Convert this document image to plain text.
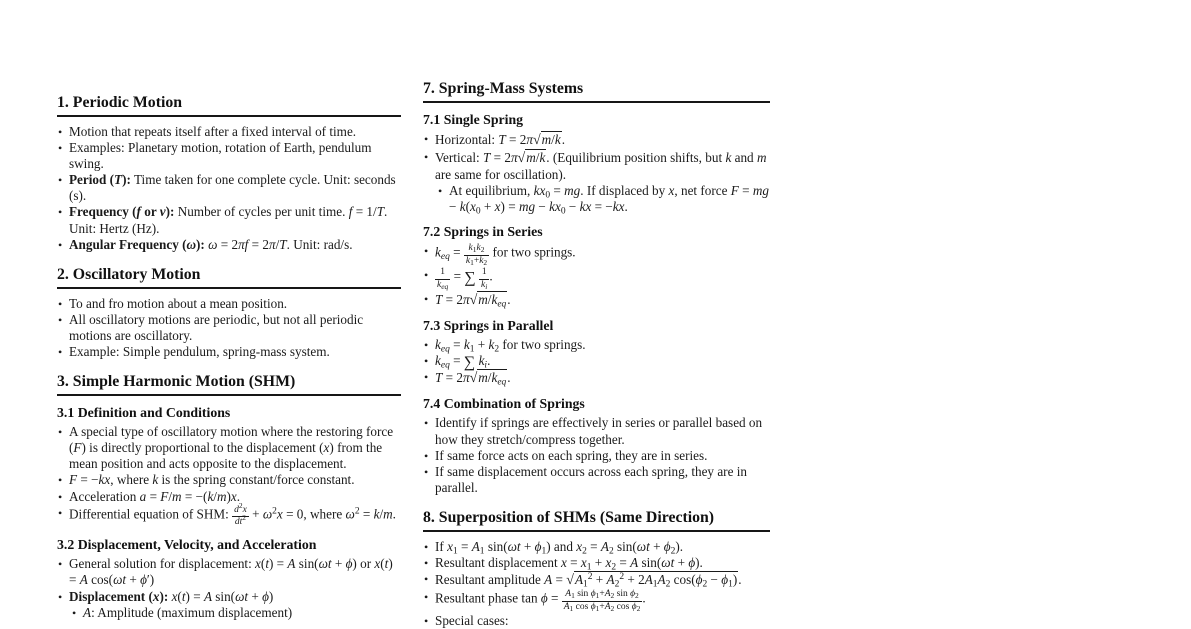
1. Periodic Motion
• Motion that repeats itself after a fixed interval of time.
• Examples: Planetary motion, rotation of Earth, pendulum swing.
• Period (T): Time taken for one complete cycle. Unit: seconds (s).
• Frequency (f or ν): Number of cycles per unit time. f = 1/T. Unit: Hertz (Hz).
• Angular Frequency (ω): ω = 2πf = 2π/T. Unit: rad/s.
2. Oscillatory Motion
• To and fro motion about a mean position.
• All oscillatory motions are periodic, but not all periodic motions are oscillatory.
• Example: Simple pendulum, spring-mass system.
3. Simple Harmonic Motion (SHM)
3.1 Definition and Conditions
• A special type of oscillatory motion where the restoring force (F) is directly proportional to the displacement (x) from the mean position and acts opposite to the displacement.
• F = −kx, where k is the spring constant/force constant.
• Acceleration a = F/m = −(k/m)x.
• Differential equation of SHM: $\frac{d^2x}{dt^2} + \omega^2x = 0$, where $\omega^2 = k/m$.
3.2 Displacement, Velocity, and Acceleration
• General solution for displacement: x(t) = A sin(ωt + ϕ) or x(t) = A cos(ωt + ϕ′)
• Displacement (x): x(t) = A sin(ωt + ϕ)
• A: Amplitude (maximum displacement)
7. Spring-Mass Systems
7.1 Single Spring
• Horizontal: T = 2π√m/k.
• Vertical: T = 2π√m/k. (Equilibrium position shifts, but k and m are same for oscillation).
• At equilibrium, $kx_0$ = mg. If displaced by x, net force F = mg − $k(x_0 + x)$ = mg − $kx_0$ − kx = −kx.
7.2 Springs in Series
• $k_{eq} = \frac{k_1k_2}{k_1+k_2}$ for two springs.
• $\frac{1}{k_{eq}}$ = ∑ $\frac{1}{k_i}$ .
• $T = 2\pi√m/k_{eq}$.
7.3 Springs in Parallel
• $k_{eq} = k_1 + k_2$ for two springs.
• $k_{eq}$ = ∑ $k_i$.
• $T = 2\pi√m/k_{eq}$.
7.4 Combination of Springs
• Identify if springs are effectively in series or parallel based on how they stretch/compress together.
• If same force acts on each spring, they are in series.
• If same displacement occurs across each spring, they are in parallel.
8. Superposition of SHMs (Same Direction)
• If $x_1 = A_1$ $\sin(\omega t + \phi_1)$ and $x_2 = A_2$ $\sin(\omega t + \phi_2)$.
• Resultant displacement $x = x_1 + x_2 = A$ sin(ωt + ϕ).
• Resultant amplitude $A = √A_1^2 + A_2^2 + 2A_1A_2$ $\cos(\phi_2 - \phi_1)$.
• Resultant phase $\tan \phi = \frac{A_1 \sin \phi_1+A_2 \sin \phi_2}{A_1 \cos \phi_1+A_2 \cos \phi_2}$ .
• Special cases:
